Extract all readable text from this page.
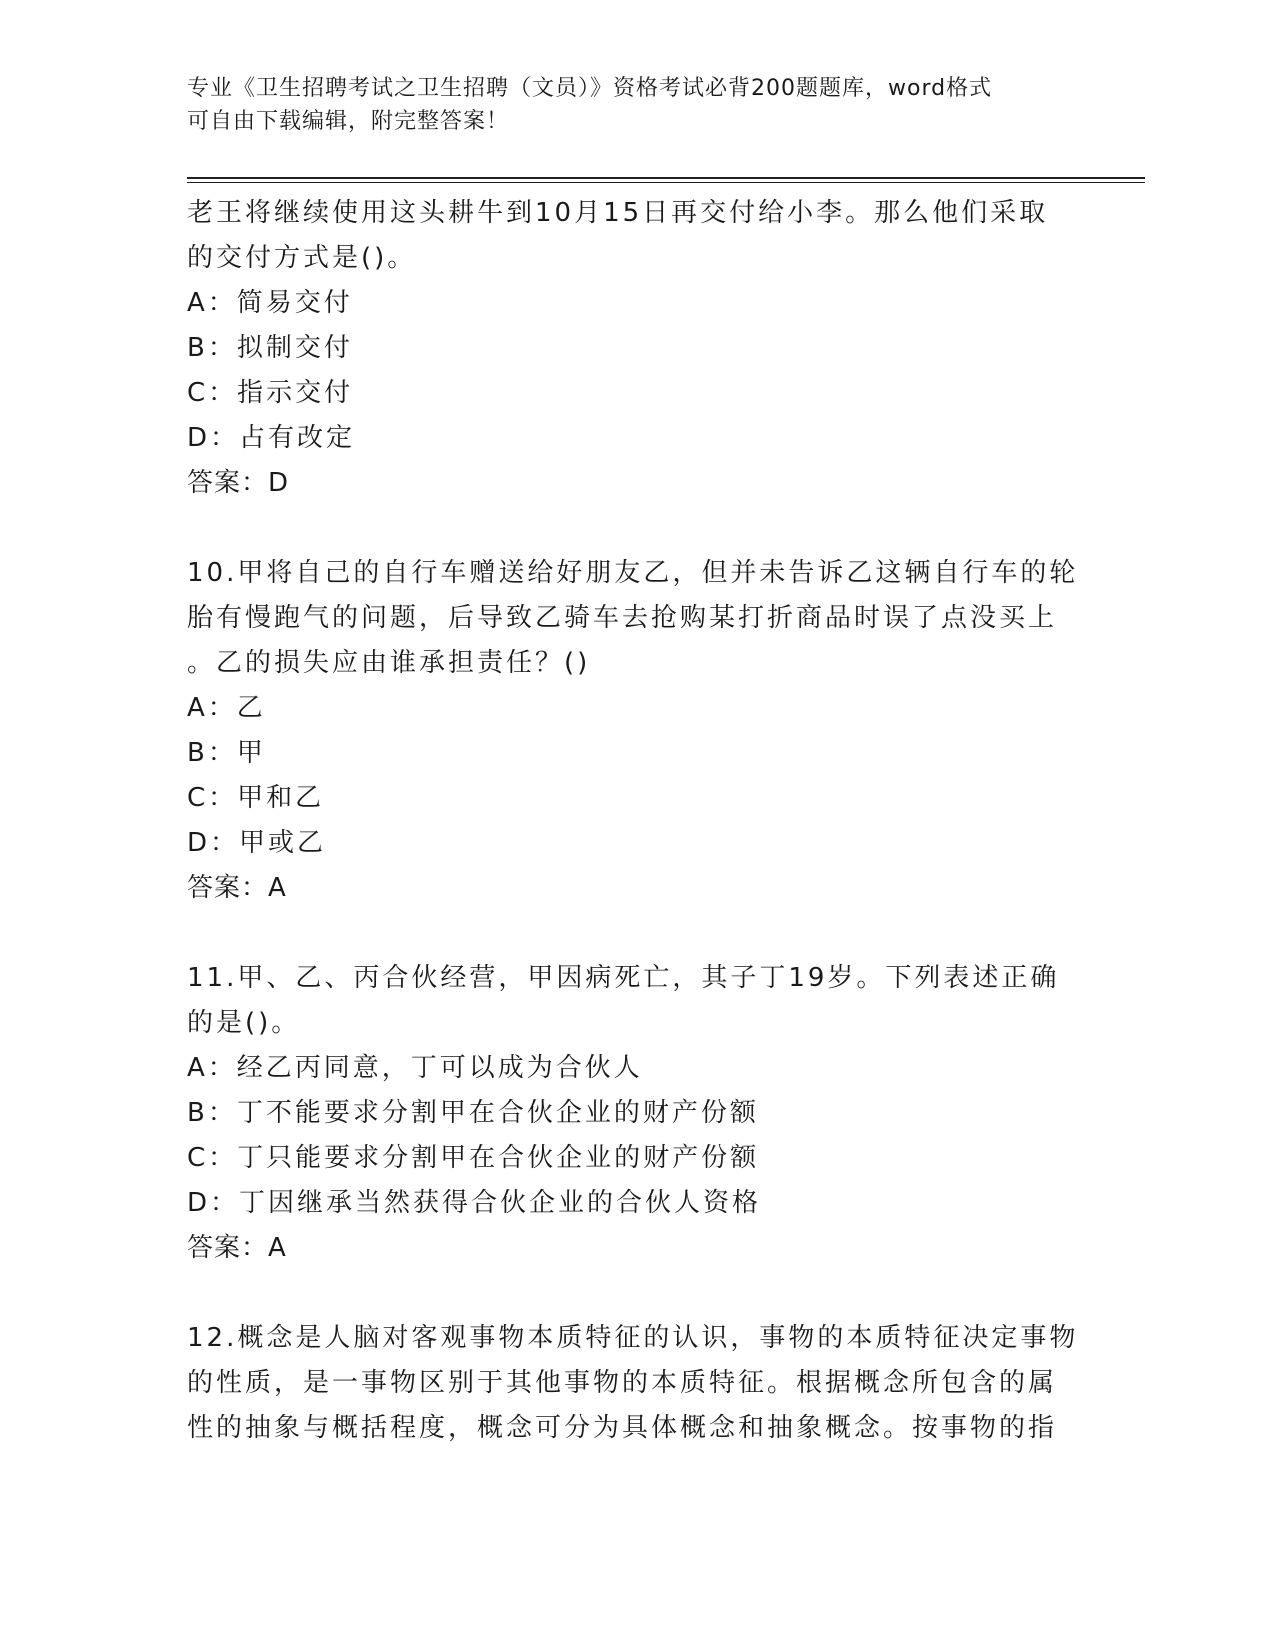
专业《卫生招聘考试之卫生招聘（文员）》资格考试必背200题题库，word格式
可自由下载编辑，附完整答案！
老王将继续使用这头耕牛到10月15日再交付给小李。那么他们采取
的交付方式是()。
A：简易交付
B：拟制交付
C：指示交付
D：占有改定
答案：D
10.甲将自己的自行车赠送给好朋友乙，但并未告诉乙这辆自行车的轮
胎有慢跑气的问题，后导致乙骑车去抢购某打折商品时误了点没买上
。乙的损失应由谁承担责任？()
A：乙
B：甲
C：甲和乙
D：甲或乙
答案：A
11.甲、乙、丙合伙经营，甲因病死亡，其子丁19岁。下列表述正确
的是()。
A：经乙丙同意，丁可以成为合伙人
B：丁不能要求分割甲在合伙企业的财产份额
C：丁只能要求分割甲在合伙企业的财产份额
D：丁因继承当然获得合伙企业的合伙人资格
答案：A
12.概念是人脑对客观事物本质特征的认识，事物的本质特征决定事物
的性质，是一事物区别于其他事物的本质特征。根据概念所包含的属
性的抽象与概括程度，概念可分为具体概念和抽象概念。按事物的指
